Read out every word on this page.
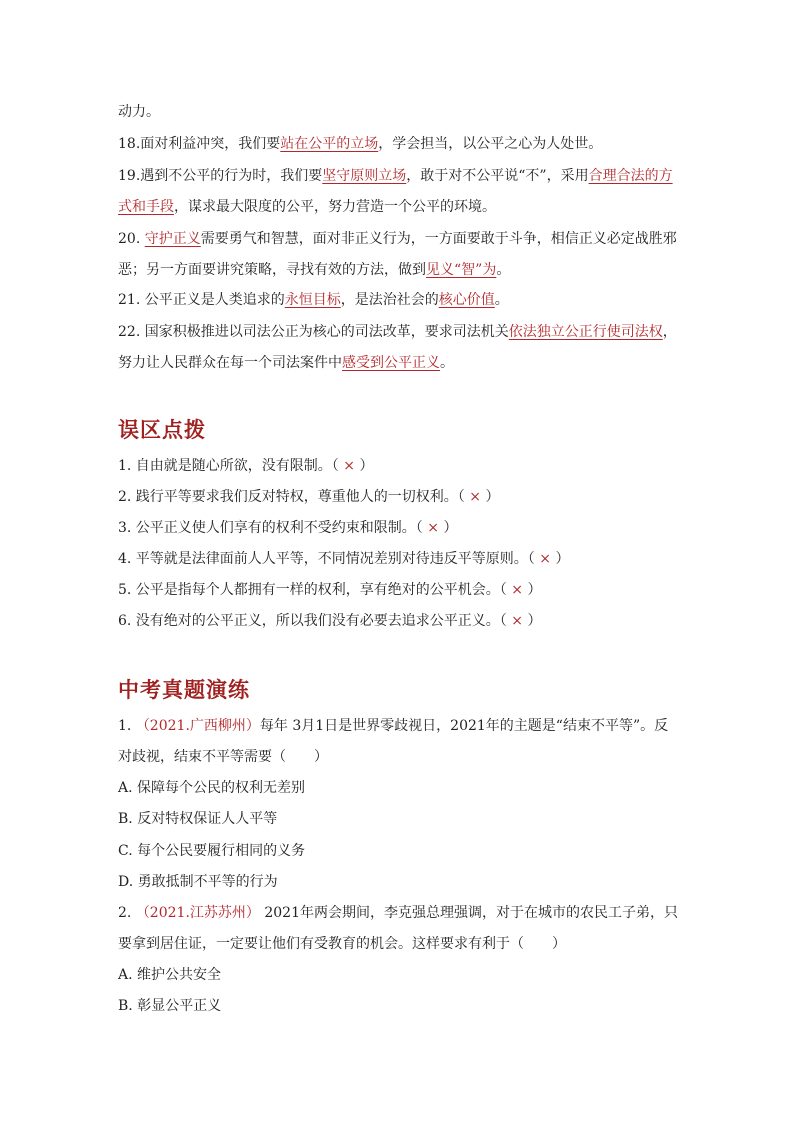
动力。
18.面对利益冲突，我们要站在公平的立场，学会担当，以公平之心为人处世。
19.遇到不公平的行为时，我们要坚守原则立场，敢于对不公平说“不”，采用合理合法的方
式和手段，谋求最大限度的公平，努力营造一个公平的环境。
20. 守护正义需要勇气和智慧，面对非正义行为，一方面要敢于斗争，相信正义必定战胜邪
恶；另一方面要讲究策略，寻找有效的方法，做到见义“智”为。
21. 公平正义是人类追求的永恒目标，是法治社会的核心价值。
22. 国家积极推进以司法公正为核心的司法改革，要求司法机关依法独立公正行使司法权，
努力让人民群众在每一个司法案件中感受到公平正义。
误区点拨
1. 自由就是随心所欲，没有限制。（ × ）
2. 践行平等要求我们反对特权，尊重他人的一切权利。（ × ）
3. 公平正义使人们享有的权利不受约束和限制。（ × ）
4. 平等就是法律面前人人平等，不同情况差别对待违反平等原则。（ × ）
5. 公平是指每个人都拥有一样的权利，享有绝对的公平机会。（ × ）
6. 没有绝对的公平正义，所以我们没有必要去追求公平正义。（ × ）
中考真题演练
1. （2021.广西柳州）每年 3月1日是世界零歧视日，2021年的主题是“结束不平等”。反
对歧视，结束不平等需要（　　）
A. 保障每个公民的权利无差别
B. 反对特权保证人人平等
C. 每个公民要履行相同的义务
D. 勇敢抵制不平等的行为
2. （2021.江苏苏州） 2021年两会期间，李克强总理强调，对于在城市的农民工子弟，只
要拿到居住证，一定要让他们有受教育的机会。这样要求有利于（　　）
A. 维护公共安全
B. 彰显公平正义
